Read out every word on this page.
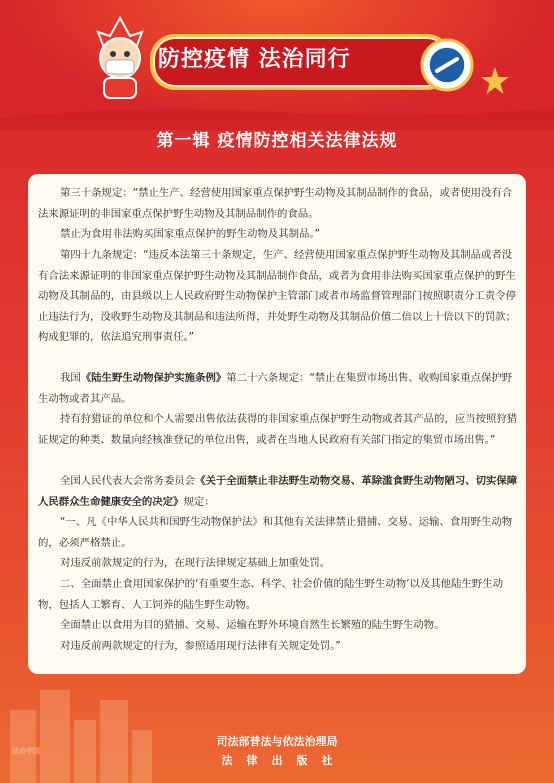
防控疫情 法治同行
第一辑 疫情防控相关法律法规

第三十条规定：“禁止生产、经营使用国家重点保护野生动物及其制品制作的食品，或者使用没有合法来源证明的非国家重点保护野生动物及其制品制作的食品。

禁止为食用非法购买国家重点保护的野生动物及其制品。”

第四十九条规定：“违反本法第三十条规定，生产、经营使用国家重点保护野生动物及其制品或者没有合法来源证明的非国家重点保护野生动物及其制品制作食品，或者为食用非法购买国家重点保护的野生动物及其制品的，由县级以上人民政府野生动物保护主管部门或者市场监督管理部门按照职责分工责令停止违法行为，没收野生动物及其制品和违法所得，并处野生动物及其制品价值二倍以上十倍以下的罚款；构成犯罪的，依法追究刑事责任。”

我国《陆生野生动物保护实施条例》第二十六条规定：“禁止在集贸市场出售、收购国家重点保护野生动物或者其产品。

持有狩猎证的单位和个人需要出售依法获得的非国家重点保护野生动物或者其产品的，应当按照狩猎证规定的种类、数量向经核准登记的单位出售，或者在当地人民政府有关部门指定的集贸市场出售。”

全国人民代表大会常务委员会《关于全面禁止非法野生动物交易、革除滥食野生动物陋习、切实保障人民群众生命健康安全的决定》规定：

“一、凡《中华人民共和国野生动物保护法》和其他有关法律禁止猎捕、交易、运输、食用野生动物的，必须严格禁止。

对违反前款规定的行为，在现行法律规定基础上加重处罚。

二、全面禁止食用国家保护的‘有重要生态、科学、社会价值的陆生野生动物’以及其他陆生野生动物，包括人工繁育、人工饲养的陆生野生动物。

全面禁止以食用为目的猎捕、交易、运输在野外环境自然生长繁殖的陆生野生动物。

对违反前两款规定的行为，参照适用现行法律有关规定处罚。”

法治中国
司法部普法与依法治理局
法律出版社
